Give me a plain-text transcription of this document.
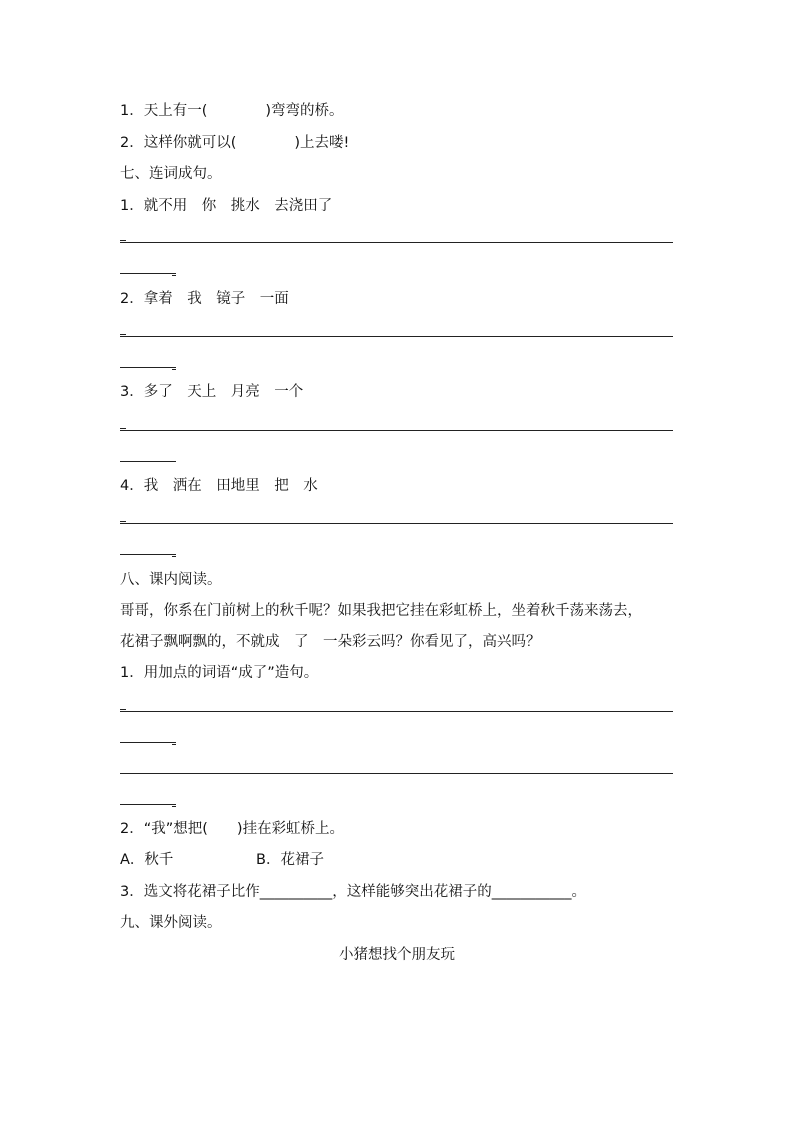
1．天上有一(　　　　)弯弯的桥。
2．这样你就可以(　　　　)上去喽!
七、连词成句。
1．就不用　你　挑水　去浇田了
2．拿着　我　镜子　一面
3．多了　天上　月亮　一个
4．我　洒在　田地里　把　水
八、课内阅读。
哥哥，你系在门前树上的秋千呢？如果我把它挂在彩虹桥上，坐着秋千荡来荡去，
花裙子飘啊飘的，不就成　了　一朵彩云吗？你看见了，高兴吗？
1．用加点的词语“成了”造句。
2．“我”想把(　　)挂在彩虹桥上。
A．秋千	B．花裙子
3．选文将花裙子比作__________，这样能够突出花裙子的___________。
九、课外阅读。
小猪想找个朋友玩
